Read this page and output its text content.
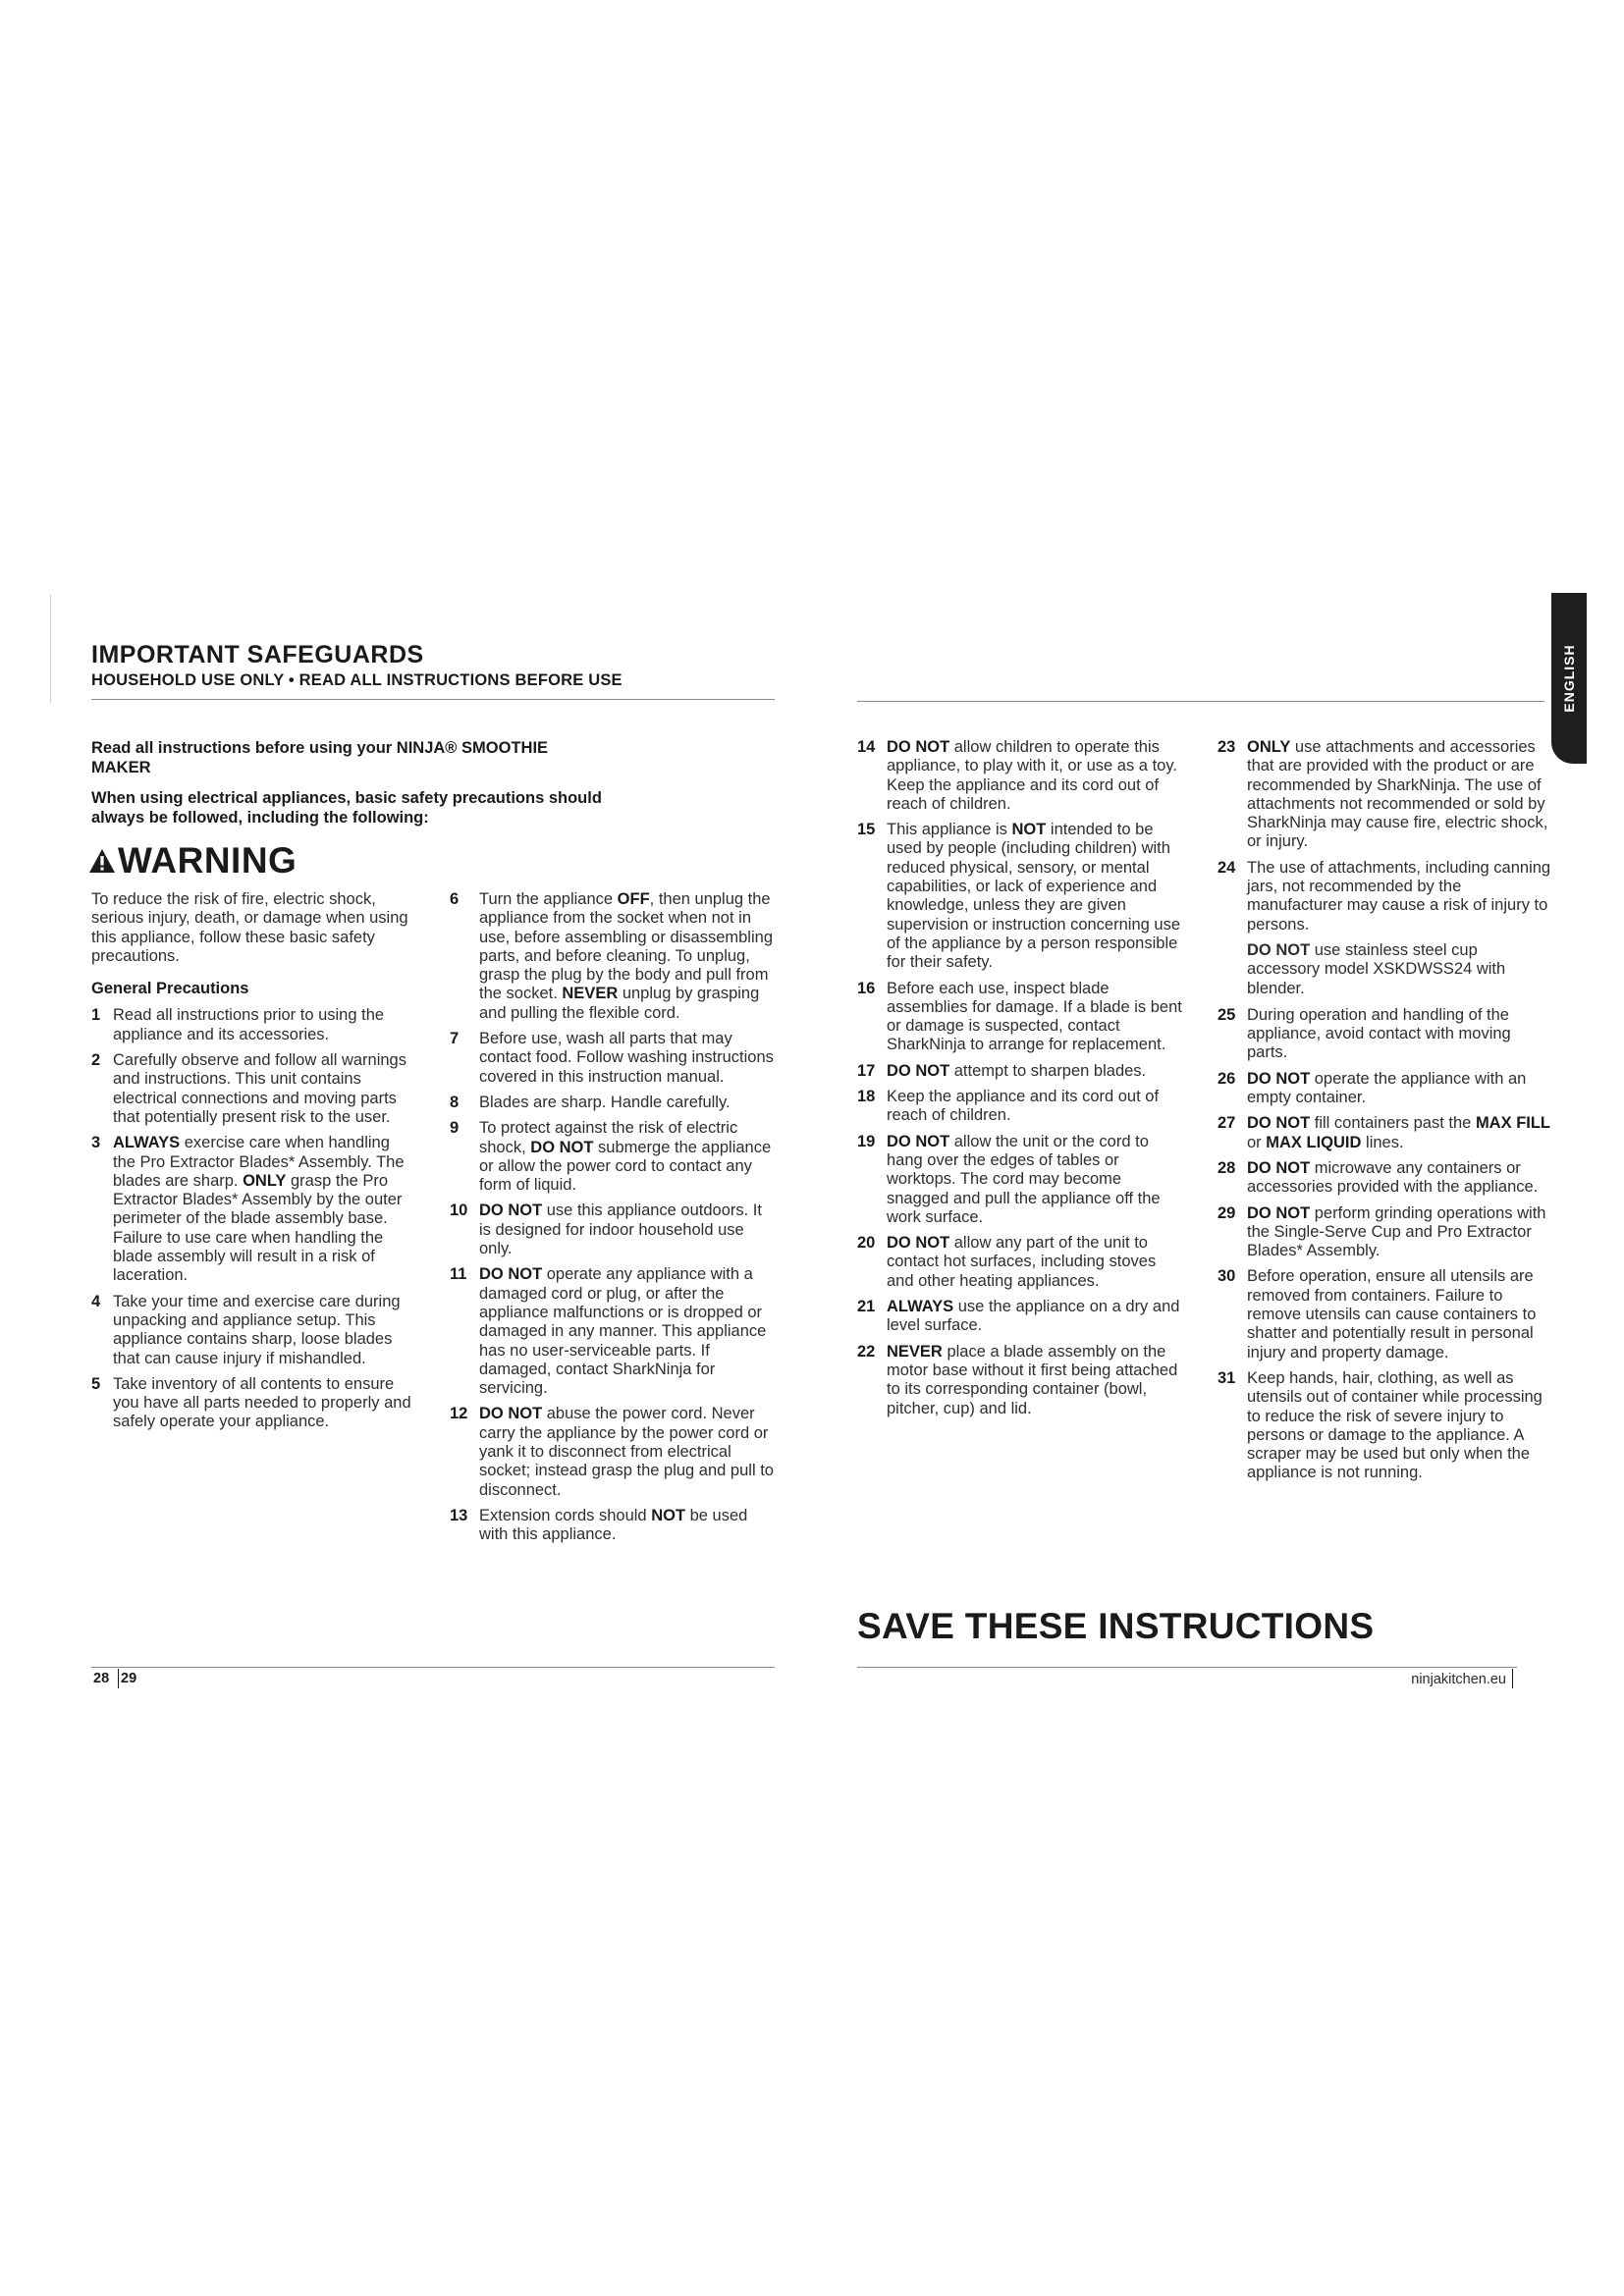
IMPORTANT SAFEGUARDS
HOUSEHOLD USE ONLY • READ ALL INSTRUCTIONS BEFORE USE	ENGLISH

Read all instructions before using your NINJA® SMOOTHIE MAKER

When using electrical appliances, basic safety precautions should always be followed, including the following:

WARNING

To reduce the risk of fire, electric shock, serious injury, death, or damage when using this appliance, follow these basic safety precautions.

General Precautions

1 Read all instructions prior to using the appliance and its accessories.
2 Carefully observe and follow all warnings and instructions. This unit contains electrical connections and moving parts that potentially present risk to the user.
3 ALWAYS exercise care when handling the Pro Extractor Blades* Assembly. The blades are sharp. ONLY grasp the Pro Extractor Blades* Assembly by the outer perimeter of the blade assembly base. Failure to use care when handling the blade assembly will result in a risk of laceration.
4 Take your time and exercise care during unpacking and appliance setup. This appliance contains sharp, loose blades that can cause injury if mishandled.
5 Take inventory of all contents to ensure you have all parts needed to properly and safely operate your appliance.
6	Turn the appliance OFF, then unplug the appliance from the socket when not in use, before assembling or disassembling parts, and before cleaning. To unplug, grasp the plug by the body and pull from the socket. NEVER unplug by grasping and pulling the flexible cord.
7	Before use, wash all parts that may contact food. Follow washing instructions covered in this instruction manual.
8	Blades are sharp. Handle carefully.
9	To protect against the risk of electric shock, DO NOT submerge the appliance or allow the power cord to contact any form of liquid.
10 DO NOT use this appliance outdoors. It is designed for indoor household use only.
11 DO NOT operate any appliance with a damaged cord or plug, or after the appliance malfunctions or is dropped or damaged in any manner. This appliance has no user-serviceable parts. If damaged, contact SharkNinja for servicing.
12 DO NOT abuse the power cord. Never carry the appliance by the power cord or yank it to disconnect from electrical socket; instead grasp the plug and pull to disconnect.
13 Extension cords should NOT be used with this appliance.
14 DO NOT allow children to operate this appliance, to play with it, or use as a toy. Keep the appliance and its cord out of reach of children.
15 This appliance is NOT intended to be used by people (including children) with reduced physical, sensory, or mental capabilities, or lack of experience and knowledge, unless they are given supervision or instruction concerning use of the appliance by a person responsible for their safety.
16 Before each use, inspect blade assemblies for damage. If a blade is bent or damage is suspected, contact SharkNinja to arrange for replacement.
17 DO NOT attempt to sharpen blades.
18 Keep the appliance and its cord out of reach of children.
19 DO NOT allow the unit or the cord to hang over the edges of tables or worktops. The cord may become snagged and pull the appliance off the work surface.
20 DO NOT allow any part of the unit to contact hot surfaces, including stoves and other heating appliances.
21 ALWAYS use the appliance on a dry and level surface.
22 NEVER place a blade assembly on the motor base without it first being attached to its corresponding container (bowl, pitcher, cup) and lid.
23 ONLY use attachments and accessories that are provided with the product or are recommended by SharkNinja. The use of attachments not recommended or sold by SharkNinja may cause fire, electric shock, or injury.
24 The use of attachments, including canning jars, not recommended by the manufacturer may cause a risk of injury to persons.

DO NOT use stainless steel cup accessory model XSKDWSS24 with blender.

25 During operation and handling of the appliance, avoid contact with moving parts.
26 DO NOT operate the appliance with an empty container.
27 DO NOT fill containers past the MAX FILL or MAX LIQUID lines.
28 DO NOT microwave any containers or accessories provided with the appliance.
29 DO NOT perform grinding operations with the Single-Serve Cup and Pro Extractor Blades* Assembly.
30 Before operation, ensure all utensils are removed from containers. Failure to remove utensils can cause containers to shatter and potentially result in personal injury and property damage.
31 Keep hands, hair, clothing, as well as utensils out of container while processing to reduce the risk of severe injury to persons or damage to the appliance. A scraper may be used but only when the appliance is not running.
SAVE THESE INSTRUCTIONS
28 29	ninjakitchen.eu
